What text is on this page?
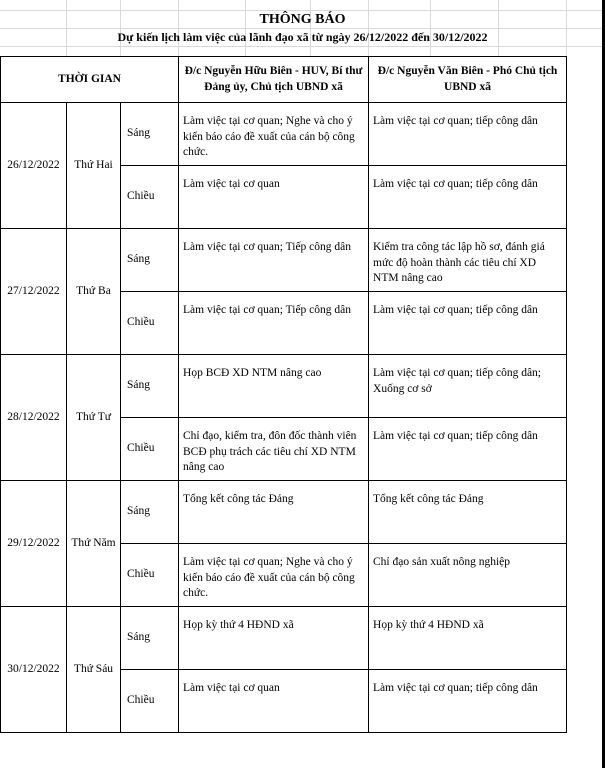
THÔNG BÁO
Dự kiến lịch làm việc của lãnh đạo xã từ ngày 26/12/2022 đến 30/12/2022
THỜI GIAN			Đ/c Nguyễn Hữu Biên - HUV, Bí thư Đảng ủy, Chủ tịch UBND xã	Đ/c Nguyễn Văn Biên - Phó Chủ tịch UBND xã
26/12/2022	Thứ Hai	Sáng	Làm việc tại cơ quan; Nghe và cho ý kiến báo cáo đề xuất của cán bộ công chức.	Làm việc tại cơ quan; tiếp công dân
		Chiều	Làm việc tại cơ quan	Làm việc tại cơ quan; tiếp công dân
27/12/2022	Thứ Ba	Sáng	Làm việc tại cơ quan; Tiếp công dân	Kiểm tra công tác lập hồ sơ, đánh giá mức độ hoàn thành các tiêu chí XD NTM nâng cao
		Chiều	Làm việc tại cơ quan; Tiếp công dân	Làm việc tại cơ quan; tiếp công dân
28/12/2022	Thứ Tư	Sáng	Họp BCĐ XD NTM nâng cao	Làm việc tại cơ quan; tiếp công dân; Xuống cơ sở
		Chiều	Chỉ đạo, kiểm tra, đôn đốc thành viên BCĐ phụ trách các tiêu chí XD NTM nâng cao	Làm việc tại cơ quan; tiếp công dân
29/12/2022	Thứ Năm	Sáng	Tổng kết công tác Đảng	Tổng kết công tác Đảng
		Chiều	Làm việc tại cơ quan; Nghe và cho ý kiến báo cáo đề xuất của cán bộ công chức.	Chỉ đạo sản xuất nông nghiệp
30/12/2022	Thứ Sáu	Sáng	Họp kỳ thứ 4 HĐND xã	Họp kỳ thứ 4 HĐND xã
		Chiều	Làm việc tại cơ quan	Làm việc tại cơ quan; tiếp công dân
